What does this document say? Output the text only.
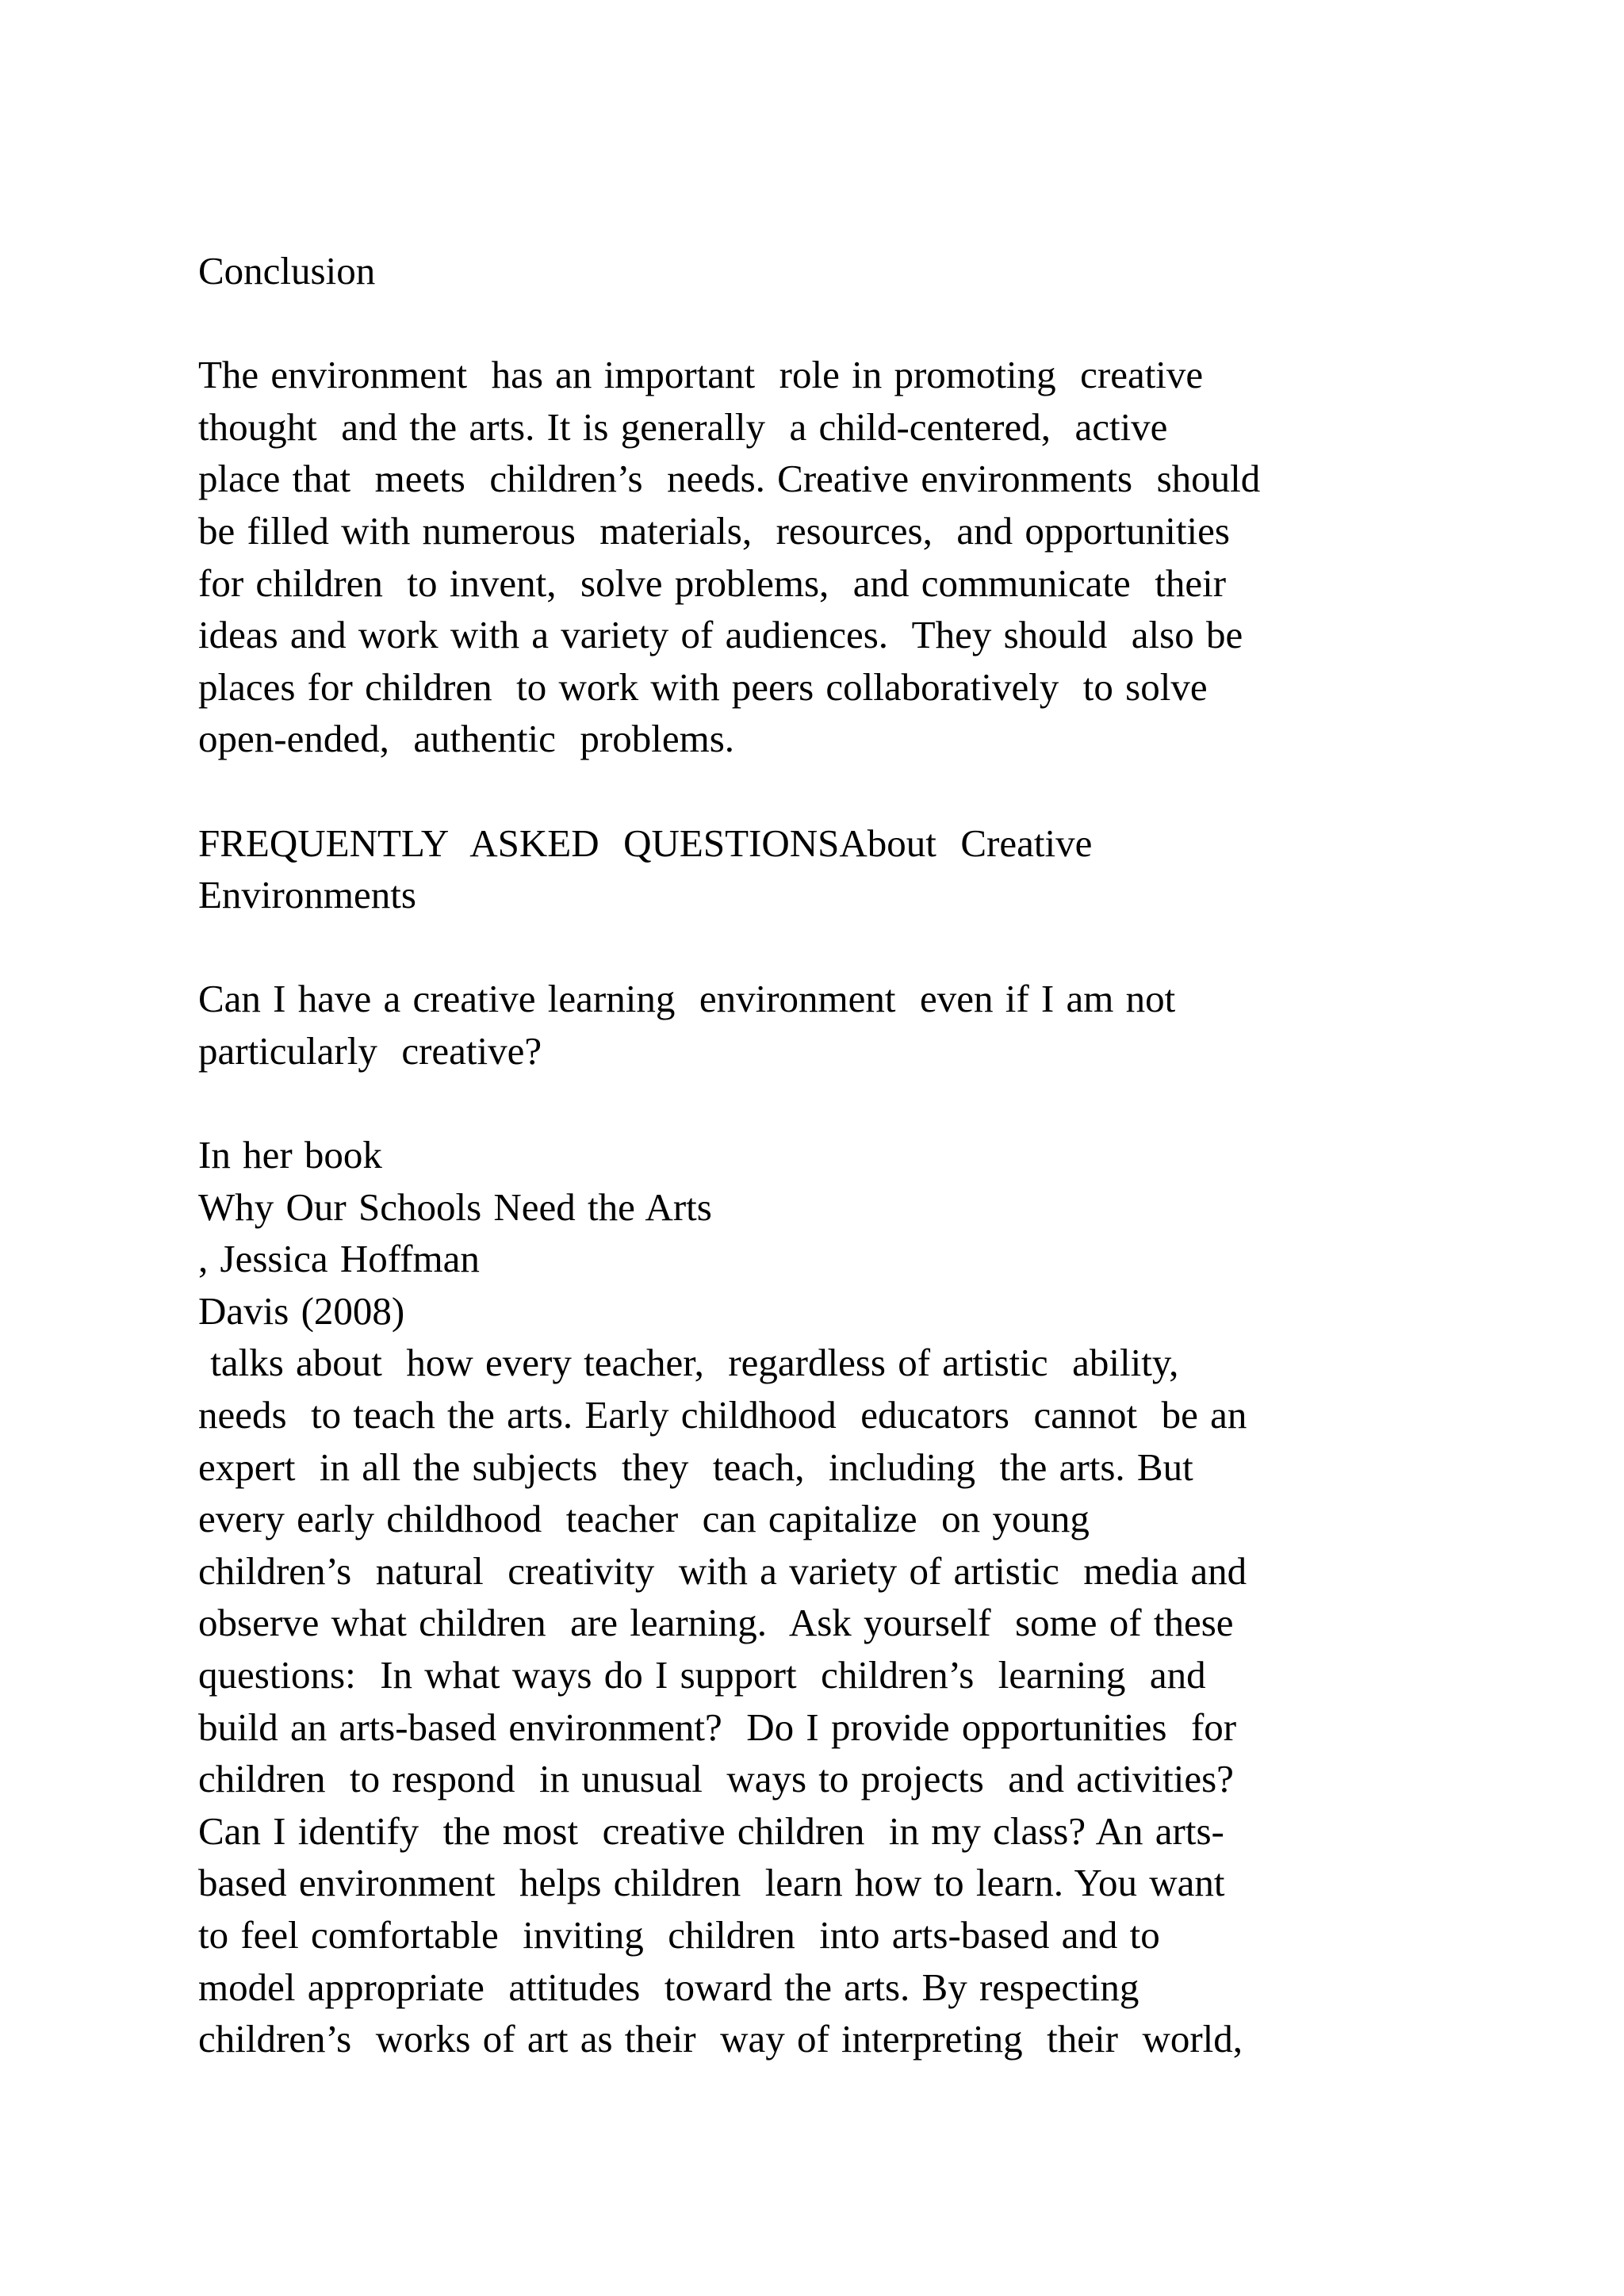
Conclusion
The environment  has an important  role in promoting  creative
thought  and the arts. It is generally  a child-centered,  active
place that  meets  children’s  needs. Creative environments  should
be filled with numerous  materials,  resources,  and opportunities
for children  to invent,  solve problems,  and communicate  their
ideas and work with a variety of audiences.  They should  also be
places for children  to work with peers collaboratively  to solve
open-ended,  authentic  problems.
FREQUENTLY  ASKED  QUESTIONSAbout  Creative
Environments
Can I have a creative learning  environment  even if I am not
particularly  creative?
In her book
Why Our Schools Need the Arts
, Jessica Hoffman
Davis (2008)
talks about  how every teacher,  regardless of artistic  ability,
needs  to teach the arts. Early childhood  educators  cannot  be an
expert  in all the subjects  they  teach,  including  the arts. But
every early childhood  teacher  can capitalize  on young
children’s  natural  creativity  with a variety of artistic  media and
observe what children  are learning.  Ask yourself  some of these
questions:  In what ways do I support  children’s  learning  and
build an arts-based environment?  Do I provide opportunities  for
children  to respond  in unusual  ways to projects  and activities?
Can I identify  the most  creative children  in my class? An arts-
based environment  helps children  learn how to learn. You want
to feel comfortable  inviting  children  into arts-based and to
model appropriate  attitudes  toward the arts. By respecting
children’s  works of art as their  way of interpreting  their  world,
